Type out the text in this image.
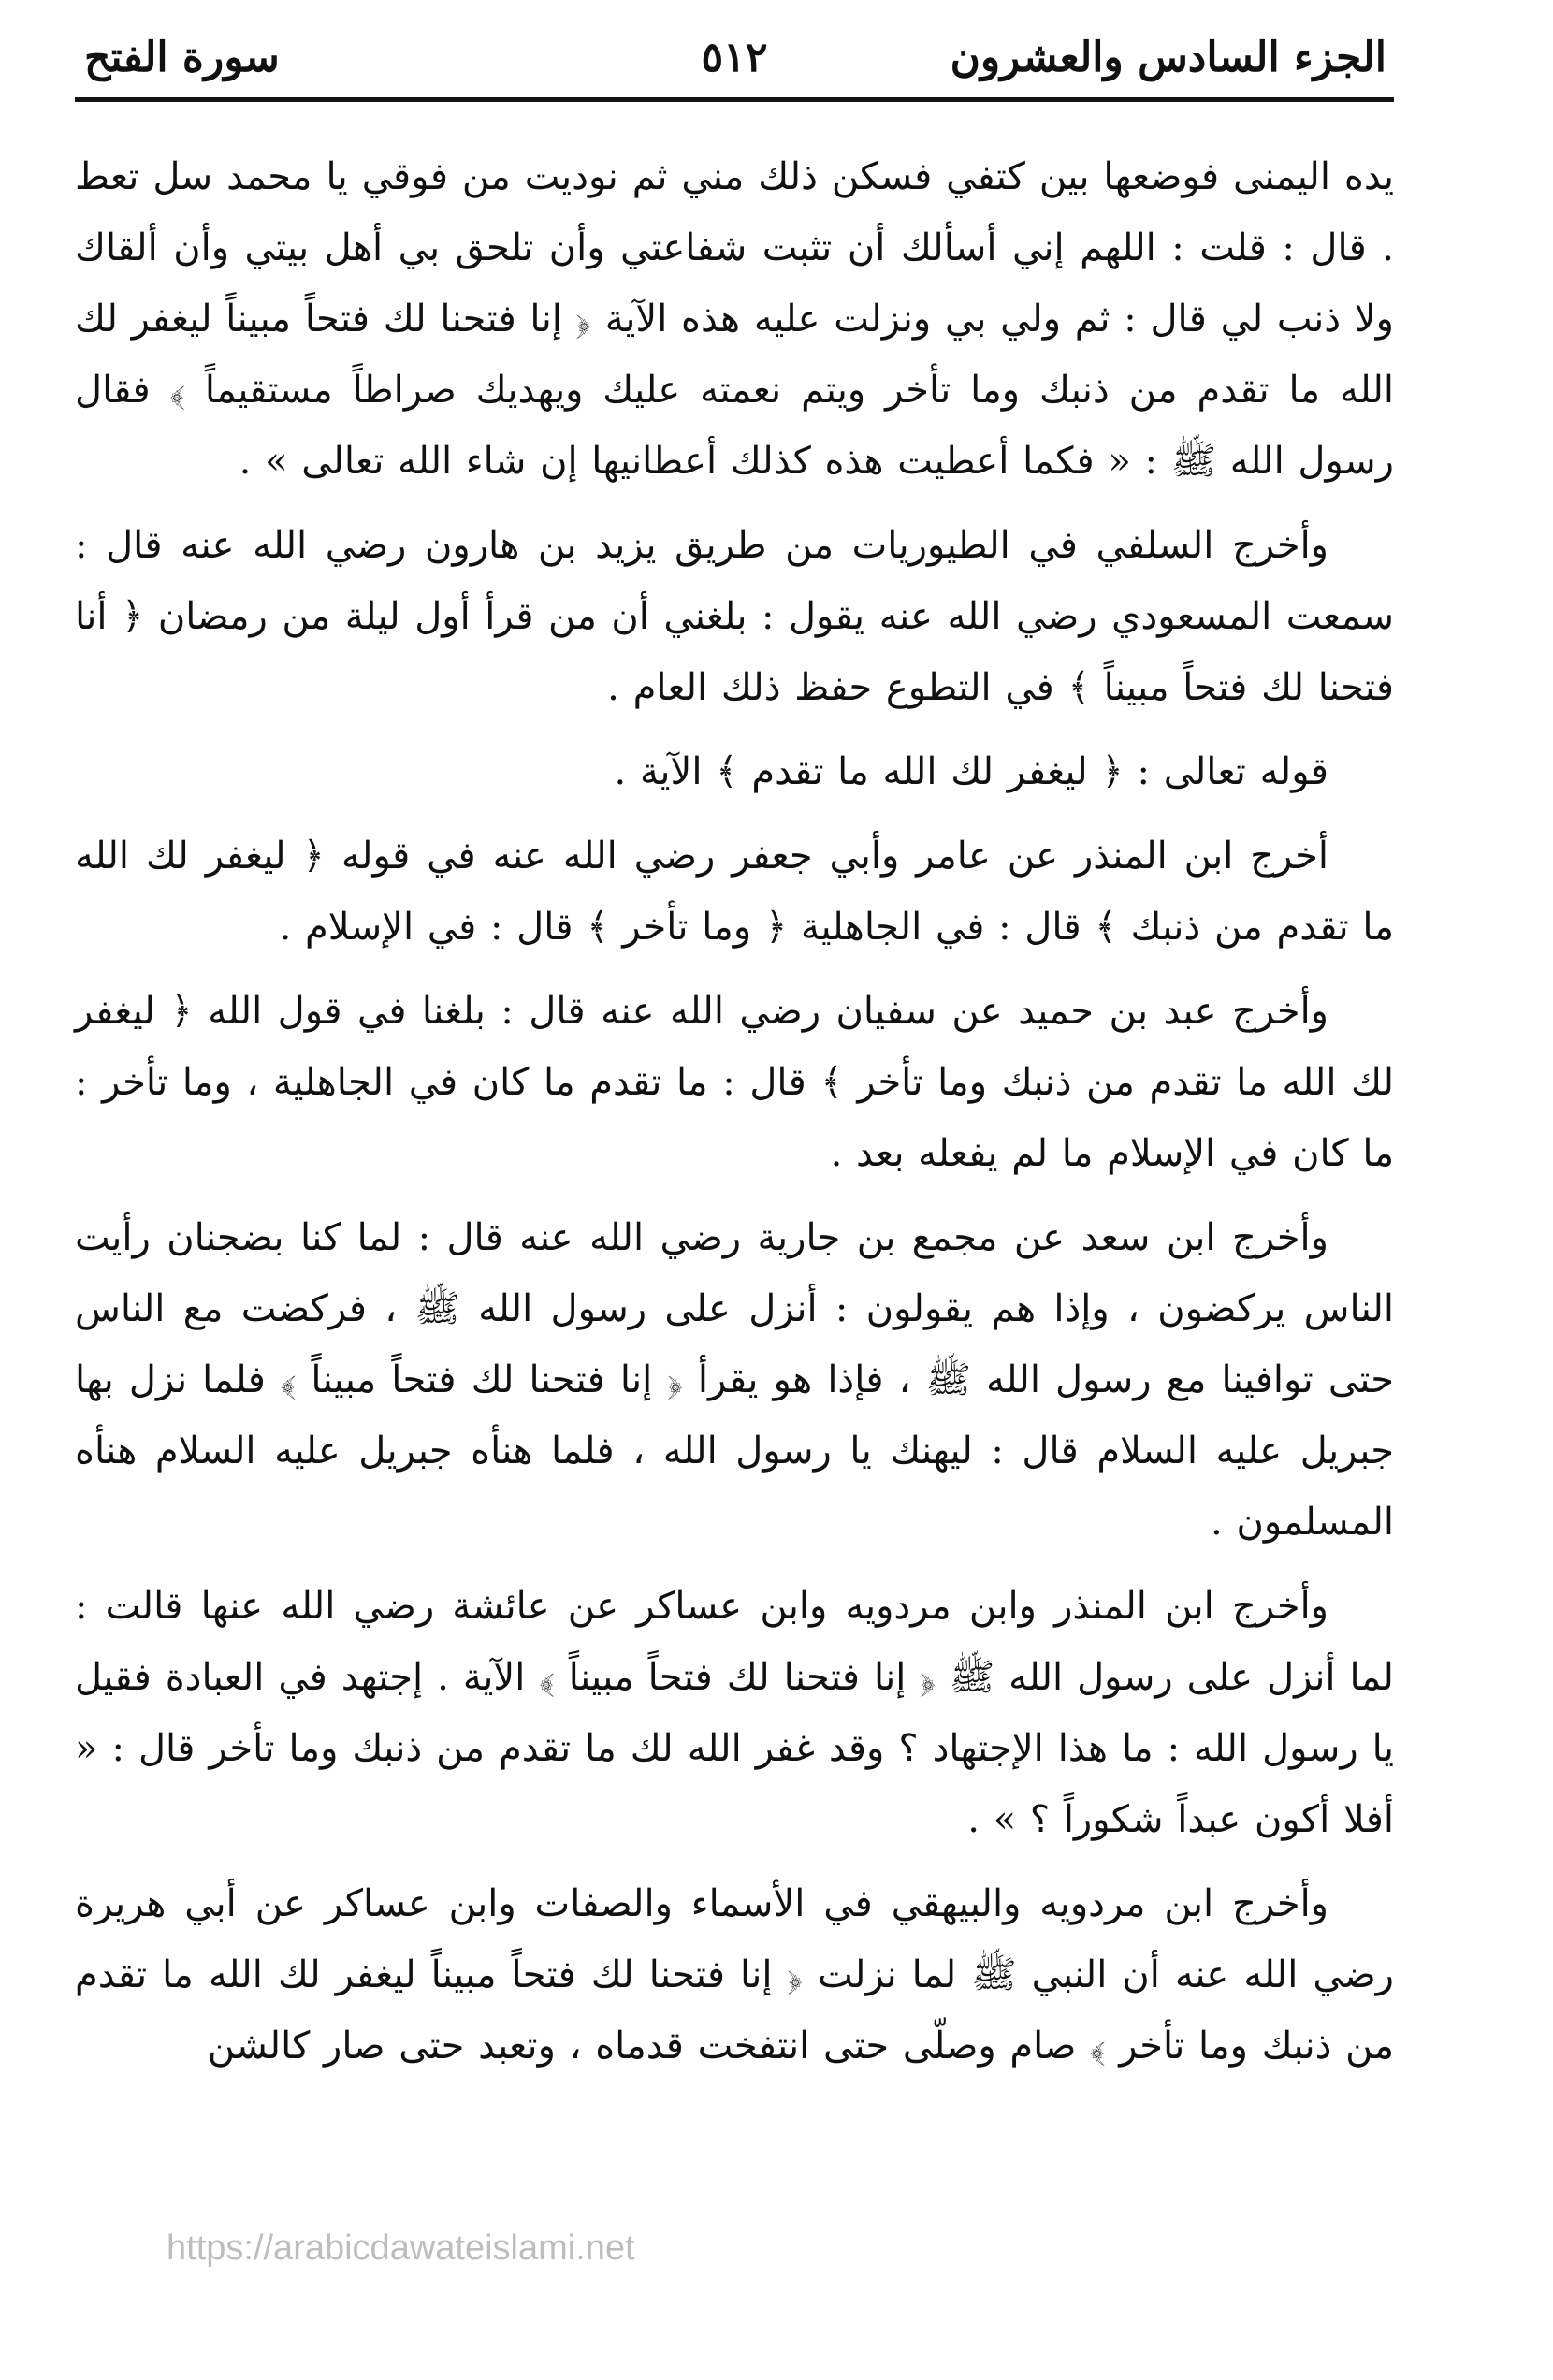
الجزء السادس والعشرون
٥١٢
سورة الفتح

يده اليمنى فوضعها بين كتفي فسكن ذلك مني ثم نوديت من فوقي يا محمد سل تعط . قال : قلت : اللهم إني أسألك أن تثبت شفاعتي وأن تلحق بي أهل بيتي وأن ألقاك ولا ذنب لي قال : ثم ولي بي ونزلت عليه هذه الآية ﴿ إنا فتحنا لك فتحاً مبيناً ليغفر لك الله ما تقدم من ذنبك وما تأخر ويتم نعمته عليك ويهديك صراطاً مستقيماً ﴾ فقال رسول الله ﷺ : « فكما أعطيت هذه كذلك أعطانيها إن شاء الله تعالى » .

وأخرج السلفي في الطيوريات من طريق يزيد بن هارون رضي الله عنه قال : سمعت المسعودي رضي الله عنه يقول : بلغني أن من قرأ أول ليلة من رمضان ﴿ أنا فتحنا لك فتحاً مبيناً ﴾ في التطوع حفظ ذلك العام .

قوله تعالى : ﴿ ليغفر لك الله ما تقدم ﴾ الآية .

أخرج ابن المنذر عن عامر وأبي جعفر رضي الله عنه في قوله ﴿ ليغفر لك الله ما تقدم من ذنبك ﴾ قال : في الجاهلية ﴿ وما تأخر ﴾ قال : في الإسلام .

وأخرج عبد بن حميد عن سفيان رضي الله عنه قال : بلغنا في قول الله ﴿ ليغفر لك الله ما تقدم من ذنبك وما تأخر ﴾ قال : ما تقدم ما كان في الجاهلية ، وما تأخر : ما كان في الإسلام ما لم يفعله بعد .

وأخرج ابن سعد عن مجمع بن جارية رضي الله عنه قال : لما كنا بضجنان رأيت الناس يركضون ، وإذا هم يقولون : أنزل على رسول الله ﷺ ، فركضت مع الناس حتى توافينا مع رسول الله ﷺ ، فإذا هو يقرأ ﴿ إنا فتحنا لك فتحاً مبيناً ﴾ فلما نزل بها جبريل عليه السلام قال : ليهنك يا رسول الله ، فلما هنأه جبريل عليه السلام هنأه المسلمون .

وأخرج ابن المنذر وابن مردويه وابن عساكر عن عائشة رضي الله عنها قالت : لما أنزل على رسول الله ﷺ ﴿ إنا فتحنا لك فتحاً مبيناً ﴾ الآية . إجتهد في العبادة فقيل يا رسول الله : ما هذا الإجتهاد ؟ وقد غفر الله لك ما تقدم من ذنبك وما تأخر قال : « أفلا أكون عبداً شكوراً ؟ » .

وأخرج ابن مردويه والبيهقي في الأسماء والصفات وابن عساكر عن أبي هريرة رضي الله عنه أن النبي ﷺ لما نزلت ﴿ إنا فتحنا لك فتحاً مبيناً ليغفر لك الله ما تقدم من ذنبك وما تأخر ﴾ صام وصلّى حتى انتفخت قدماه ، وتعبد حتى صار كالشن

https://arabicdawateislami.net
